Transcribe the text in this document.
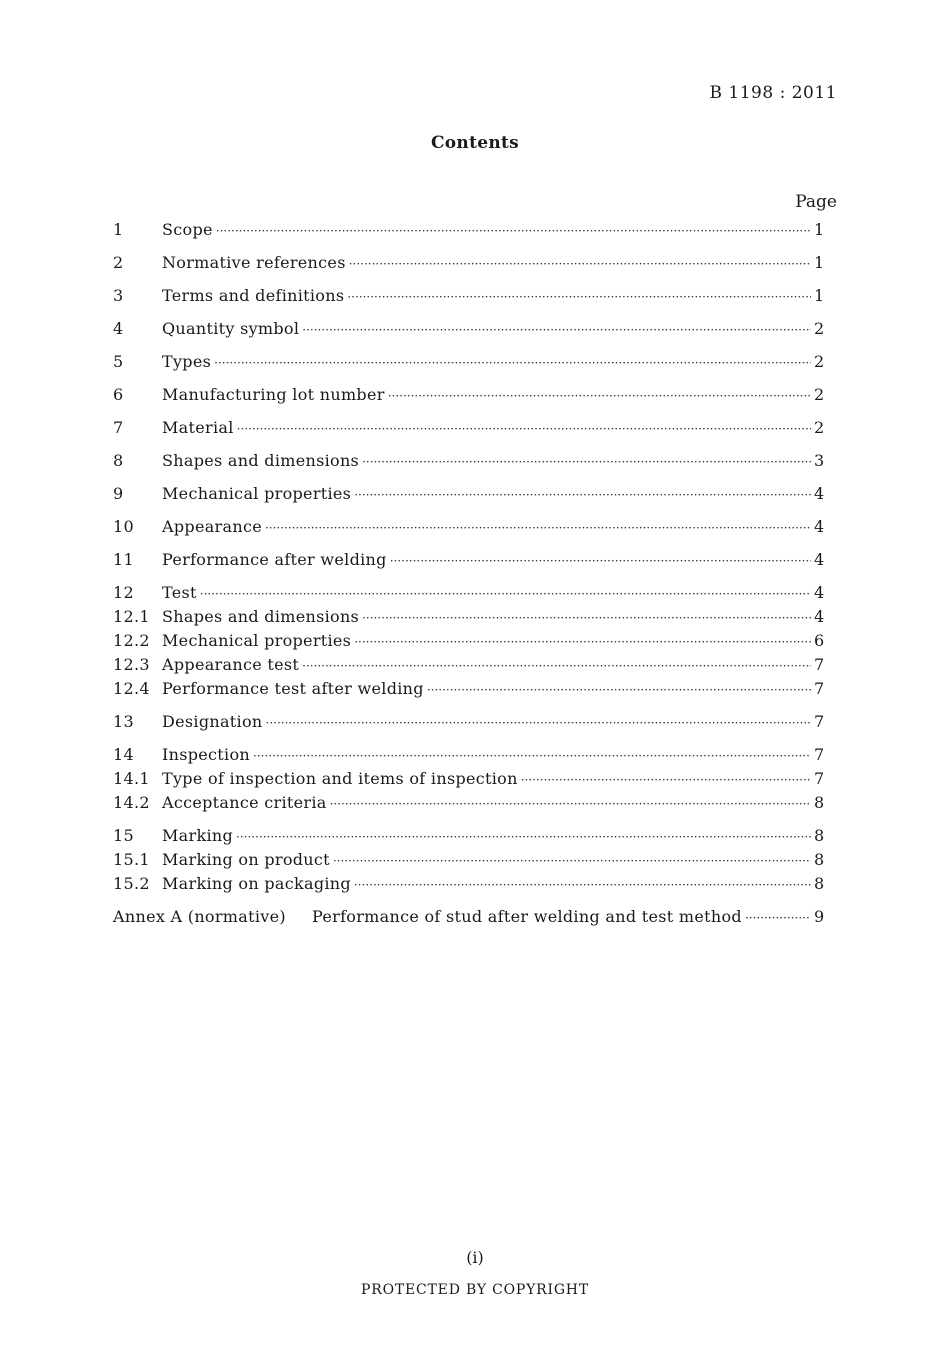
B 1198 : 2011
Contents
Page
1	Scope ·····	1
2	Normative references ·····	1
3	Terms and definitions ·····	1
4	Quantity symbol ·····	2
5	Types ·····	2
6	Manufacturing lot number ·····	2
7	Material ·····	2
8	Shapes and dimensions ·····	3
9	Mechanical properties ·····	4
10	Appearance ·····	4
11	Performance after welding ·····	4
12	Test ·····	4
12.1 Shapes and dimensions ·····	4
12.2 Mechanical properties ·····	6
12.3 Appearance test ·····	7
12.4 Performance test after welding ·····	7
13	Designation ·····	7
14	Inspection ·····	7
14.1 Type of inspection and items of inspection ·····	7
14.2 Acceptance criteria ·····	8
15	Marking ·····	8
15.1 Marking on product ·····	8
15.2 Marking on packaging ·····	8
Annex A (normative)	Performance of stud after welding and test method ·····	9
(i)
PROTECTED BY COPYRIGHT
